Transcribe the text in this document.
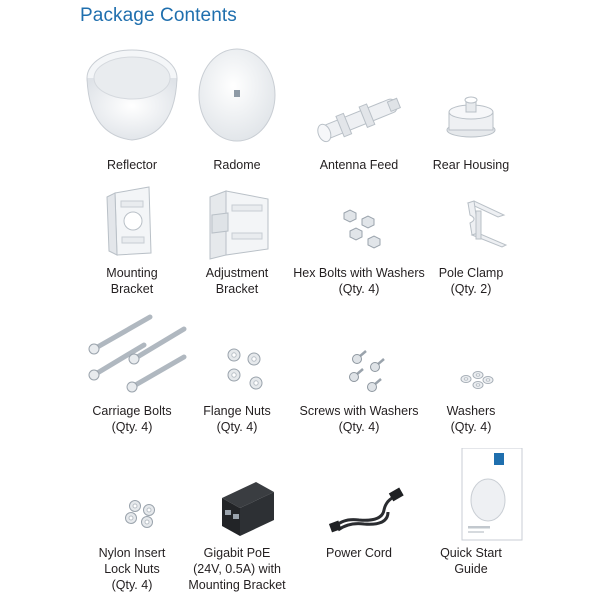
Package Contents
Reflector	Radome	Antenna Feed	Rear Housing
Mounting
Bracket
Adjustment
Bracket
Hex Bolts with Washers
(Qty. 4)
Pole Clamp
(Qty. 2)
Carriage Bolts
(Qty. 4)
Flange Nuts
(Qty. 4)
Screws with Washers
(Qty. 4)
Washers
(Qty. 4)
Nylon Insert
Lock Nuts
(Qty. 4)
Gigabit PoE
(24V, 0.5A) with
Mounting Bracket
Power Cord	Quick Start
Guide
